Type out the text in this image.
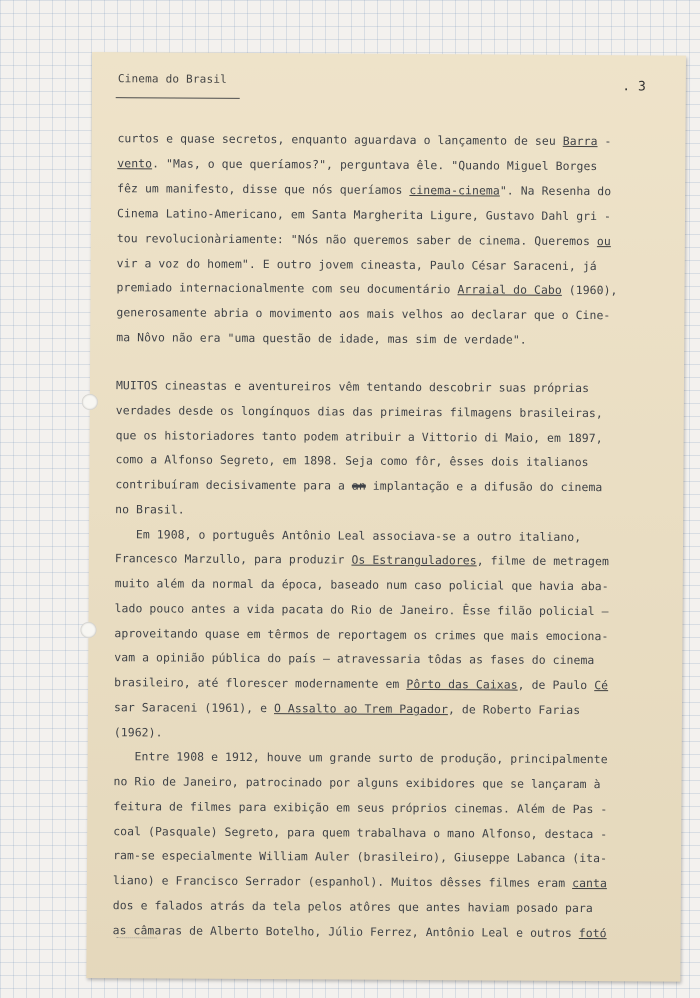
Cinema do Brasil
. 3
curtos e quase secretos, enquanto aguardava o lançamento de seu Barra -
vento. "Mas, o que queríamos?", perguntava êle. "Quando Miguel Borges
fêz um manifesto, disse que nós queríamos cinema-cinema". Na Resenha do
Cinema Latino-Americano, em Santa Margherita Ligure, Gustavo Dahl gri -
tou revolucionàriamente: "Nós não queremos saber de cinema. Queremos ou
vir a voz do homem". E outro jovem cineasta, Paulo César Saraceni, já
premiado internacionalmente com seu documentário Arraial do Cabo (1960),
generosamente abria o movimento aos mais velhos ao declarar que o Cine-
ma Nôvo não era "uma questão de idade, mas sim de verdade".
MUITOS cineastas e aventureiros vêm tentando descobrir suas próprias
verdades desde os longínquos dias das primeiras filmagens brasileiras,
que os historiadores tanto podem atribuir a Vittorio di Maio, em 1897,
como a Alfonso Segreto, em 1898. Seja como fôr, êsses dois italianos
contribuíram decisivamente para a an implantação e a difusão do cinema
no Brasil.
Em 1908, o português Antônio Leal associava-se a outro italiano,
Francesco Marzullo, para produzir Os Estranguladores, filme de metragem
muito além da normal da época, baseado num caso policial que havia aba-
lado pouco antes a vida pacata do Rio de Janeiro. Êsse filão policial —
aproveitando quase em têrmos de reportagem os crimes que mais emociona-
vam a opinião pública do país — atravessaria tôdas as fases do cinema
brasileiro, até florescer modernamente em Pôrto das Caixas, de Paulo Cé
sar Saraceni (1961), e O Assalto ao Trem Pagador, de Roberto Farias
(1962).
Entre 1908 e 1912, houve um grande surto de produção, principalmente
no Rio de Janeiro, patrocinado por alguns exibidores que se lançaram à
feitura de filmes para exibição em seus próprios cinemas. Além de Pas -
coal (Pasquale) Segreto, para quem trabalhava o mano Alfonso, destaca -
ram-se especialmente William Auler (brasileiro), Giuseppe Labanca (ita-
liano) e Francisco Serrador (espanhol). Muitos dêsses filmes eram canta
dos e falados atrás da tela pelos atôres que antes haviam posado para
as câmaras de Alberto Botelho, Júlio Ferrez, Antônio Leal e outros fotó
